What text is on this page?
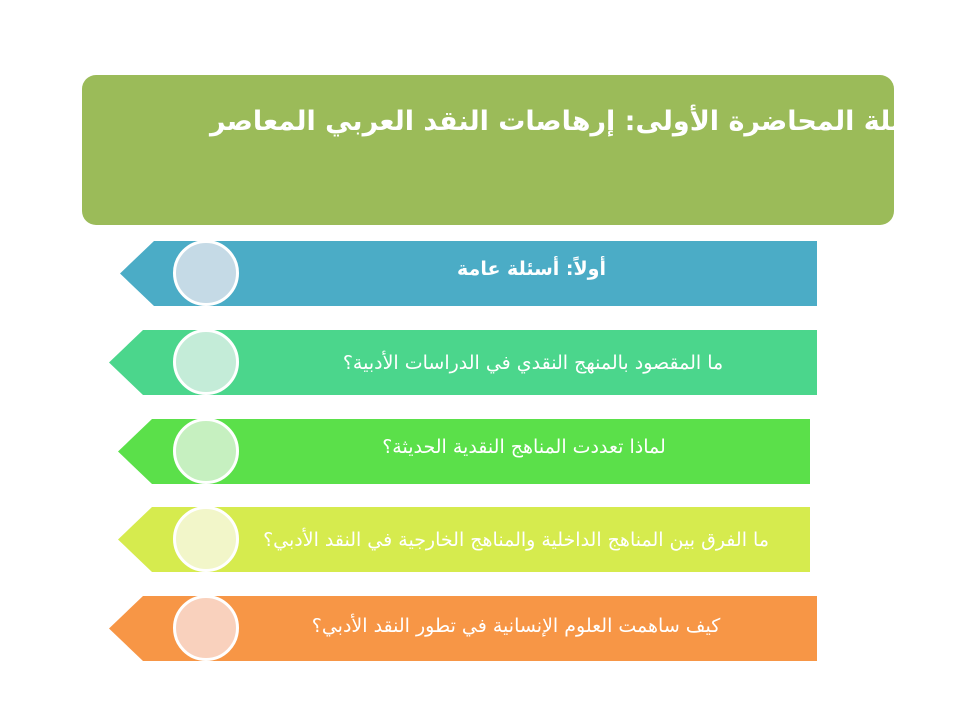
أسئلة المحاضرة الأولى: إرهاصات النقد العربي المعاصر
أولاً: أسئلة عامة
ما المقصود بالمنهج النقدي في الدراسات الأدبية؟
لماذا تعددت المناهج النقدية الحديثة؟
ما الفرق بين المناهج الداخلية والمناهج الخارجية في النقد الأدبي؟
كيف ساهمت العلوم الإنسانية في تطور النقد الأدبي؟
